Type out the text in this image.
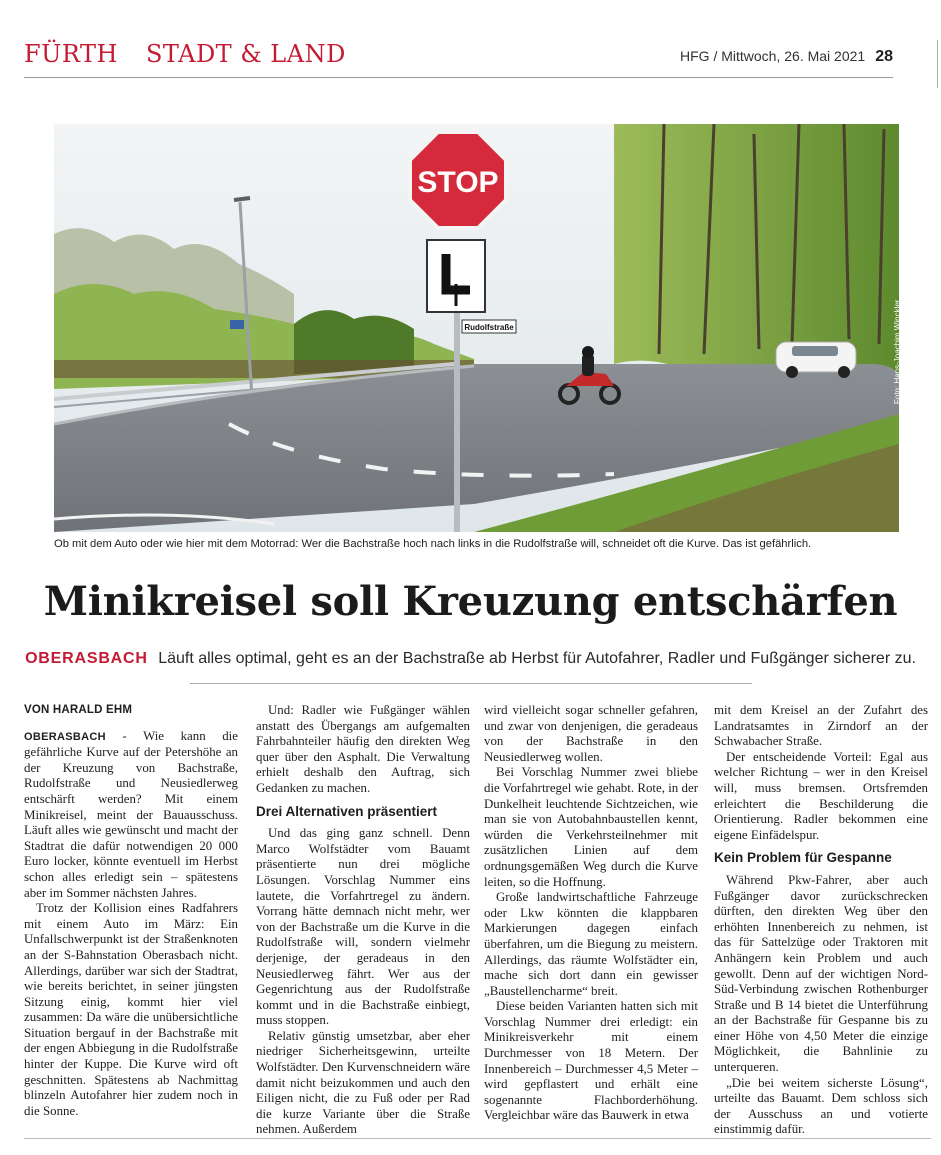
FÜRTH STADT & LAND	HFG / Mittwoch, 26. Mai 2021 28
STOP
Rudolfstraße	Foto: Hans-Joachim Winckler
Ob mit dem Auto oder wie hier mit dem Motorrad: Wer die Bachstraße hoch nach links in die Rudolfstraße will, schneidet oft die Kurve. Das ist gefährlich.
Minikreisel soll Kreuzung entschärfen
OBERASBACH Läuft alles optimal, geht es an der Bachstraße ab Herbst für Autofahrer, Radler und Fußgänger sicherer zu.
VON HARALD EHM

OBERASBACH - Wie kann die gefährliche Kurve auf der Petershöhe an der Kreuzung von Bachstraße, Rudolfstraße und Neusiedlerweg entschärft werden? Mit einem Minikreisel, meint der Bauausschuss. Läuft alles wie gewünscht und macht der Stadtrat die dafür notwendigen 20 000 Euro locker, könnte eventuell im Herbst schon alles erledigt sein – spätestens aber im Sommer nächsten Jahres.

Trotz der Kollision eines Radfahrers mit einem Auto im März: Ein Unfallschwerpunkt ist der Straßenknoten an der S-Bahnstation Oberasbach nicht. Allerdings, darüber war sich der Stadtrat, wie bereits berichtet, in seiner jüngsten Sitzung einig, kommt hier viel zusammen: Da wäre die unübersichtliche Situation bergauf in der Bachstraße mit der engen Abbiegung in die Rudolfstraße hinter der Kuppe. Die Kurve wird oft geschnitten. Spätestens ab Nachmittag blinzeln Autofahrer hier zudem noch in die Sonne.

Und: Radler wie Fußgänger wählen anstatt des Übergangs am aufgemalten Fahrbahnteiler häufig den direkten Weg quer über den Asphalt. Die Verwaltung erhielt deshalb den Auftrag, sich Gedanken zu machen.

Drei Alternativen präsentiert

Und das ging ganz schnell. Denn Marco Wolfstädter vom Bauamt präsentierte nun drei mögliche Lösungen. Vorschlag Nummer eins lautete, die Vorfahrtregel zu ändern. Vorrang hätte demnach nicht mehr, wer von der Bachstraße um die Kurve in die Rudolfstraße will, sondern vielmehr derjenige, der geradeaus in den Neusiedlerweg fährt. Wer aus der Gegenrichtung aus der Rudolfstraße kommt und in die Bachstraße einbiegt, muss stoppen.

Relativ günstig umsetzbar, aber eher niedriger Sicherheitsgewinn, urteilte Wolfstädter. Den Kurvenschneidern wäre damit nicht beizukommen und auch den Eiligen nicht, die zu Fuß oder per Rad die kurze Variante über die Straße nehmen. Außerdem

wird vielleicht sogar schneller gefahren, und zwar von denjenigen, die geradeaus von der Bachstraße in den Neusiedlerweg wollen.

Bei Vorschlag Nummer zwei bliebe die Vorfahrtregel wie gehabt. Rote, in der Dunkelheit leuchtende Sichtzeichen, wie man sie von Autobahnbaustellen kennt, würden die Verkehrsteilnehmer mit zusätzlichen Linien auf dem ordnungsgemäßen Weg durch die Kurve leiten, so die Hoffnung.

Große landwirtschaftliche Fahrzeuge oder Lkw könnten die klappbaren Markierungen dagegen einfach überfahren, um die Biegung zu meistern. Allerdings, das räumte Wolfstädter ein, mache sich dort dann ein gewisser „Baustellencharme“ breit.

Diese beiden Varianten hatten sich mit Vorschlag Nummer drei erledigt: ein Minikreisverkehr mit einem Durchmesser von 18 Metern. Der Innenbereich – Durchmesser 4,5 Meter – wird gepflastert und erhält eine sogenannte Flachborderhöhung. Vergleichbar wäre das Bauwerk in etwa

mit dem Kreisel an der Zufahrt des Landratsamtes in Zirndorf an der Schwabacher Straße.

Der entscheidende Vorteil: Egal aus welcher Richtung – wer in den Kreisel will, muss bremsen. Ortsfremden erleichtert die Beschilderung die Orientierung. Radler bekommen eine eigene Einfädelspur.

Kein Problem für Gespanne

Während Pkw-Fahrer, aber auch Fußgänger davor zurückschrecken dürften, den direkten Weg über den erhöhten Innenbereich zu nehmen, ist das für Sattelzüge oder Traktoren mit Anhängern kein Problem und auch gewollt. Denn auf der wichtigen Nord-Süd-Verbindung zwischen Rothenburger Straße und B 14 bietet die Unterführung an der Bachstraße für Gespanne bis zu einer Höhe von 4,50 Meter die einzige Möglichkeit, die Bahnlinie zu unterqueren.

„Die bei weitem sicherste Lösung“, urteilte das Bauamt. Dem schloss sich der Ausschuss an und votierte einstimmig dafür.
